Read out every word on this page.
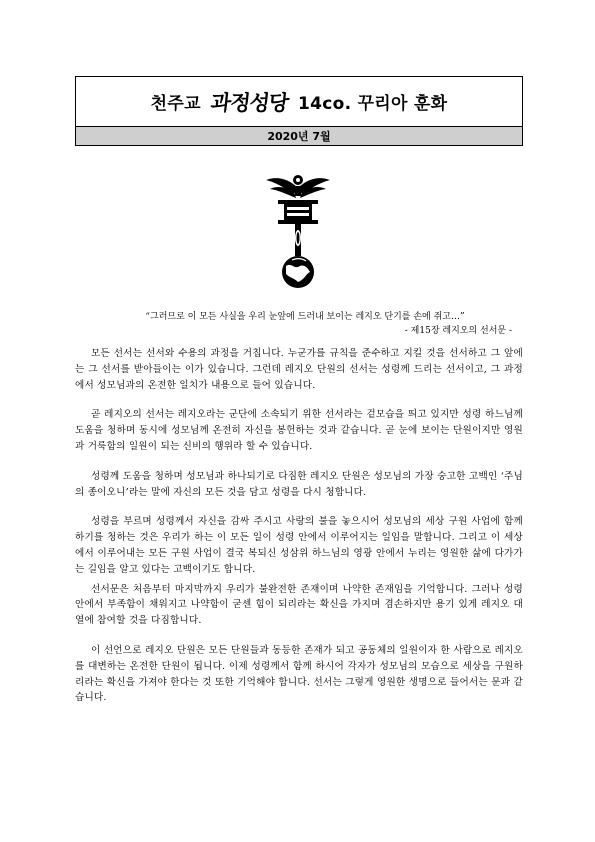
천주교 과정성당 14co. 꾸리아 훈화
2020년 7월
“그러므로 이 모든 사실을 우리 눈앞에 드러내 보이는 레지오 단기를 손에 쥐고…”
- 제15장 레지오의 선서문 -

모든 선서는 선서와 수용의 과정을 거칩니다. 누군가를 규칙을 준수하고 지킬 것을 선서하고 그 앞에는 그 선서를 받아들이는 이가 있습니다. 그런데 레지오 단원의 선서는 성령께 드리는 선서이고, 그 과정에서 성모님과의 온전한 일치가 내용으로 들어 있습니다.

곧 레지오의 선서는 레지오라는 군단에 소속되기 위한 선서라는 겉모습을 띄고 있지만 성령 하느님께 도움을 청하며 동시에 성모님께 온전히 자신을 봉헌하는 것과 같습니다. 곧 눈에 보이는 단원이지만 영원과 거룩함의 일원이 되는 신비의 행위라 할 수 있습니다.

성령께 도움을 청하며 성모님과 하나되기로 다짐한 레지오 단원은 성모님의 가장 숭고한 고백인 ‘주님의 종이오니’라는 말에 자신의 모든 것을 담고 성령을 다시 청합니다.

성령을 부르며 성령께서 자신을 감싸 주시고 사랑의 불을 놓으시어 성모님의 세상 구원 사업에 함께 하기를 청하는 것은 우리가 하는 이 모든 일이 성령 안에서 이루어지는 일임을 말합니다. 그리고 이 세상에서 이루어내는 모든 구원 사업이 결국 복되신 성삼위 하느님의 영광 안에서 누리는 영원한 삶에 다가가는 길임을 알고 있다는 고백이기도 합니다.

선서문은 처음부터 마지막까지 우리가 불완전한 존재이며 나약한 존재임을 기억합니다. 그러나 성령 안에서 부족함이 채워지고 나약함이 굳센 힘이 되리라는 확신을 가지며 겸손하지만 용기 있게 레지오 대열에 참여할 것을 다짐합니다.

이 선언으로 레지오 단원은 모든 단원들과 동등한 존재가 되고 공동체의 일원이자 한 사람으로 레지오를 대변하는 온전한 단원이 됩니다. 이제 성령께서 함께 하시어 각자가 성모님의 모습으로 세상을 구원하리라는 확신을 가져야 한다는 것 또한 기억해야 합니다. 선서는 그렇게 영원한 생명으로 들어서는 문과 같습니다.
